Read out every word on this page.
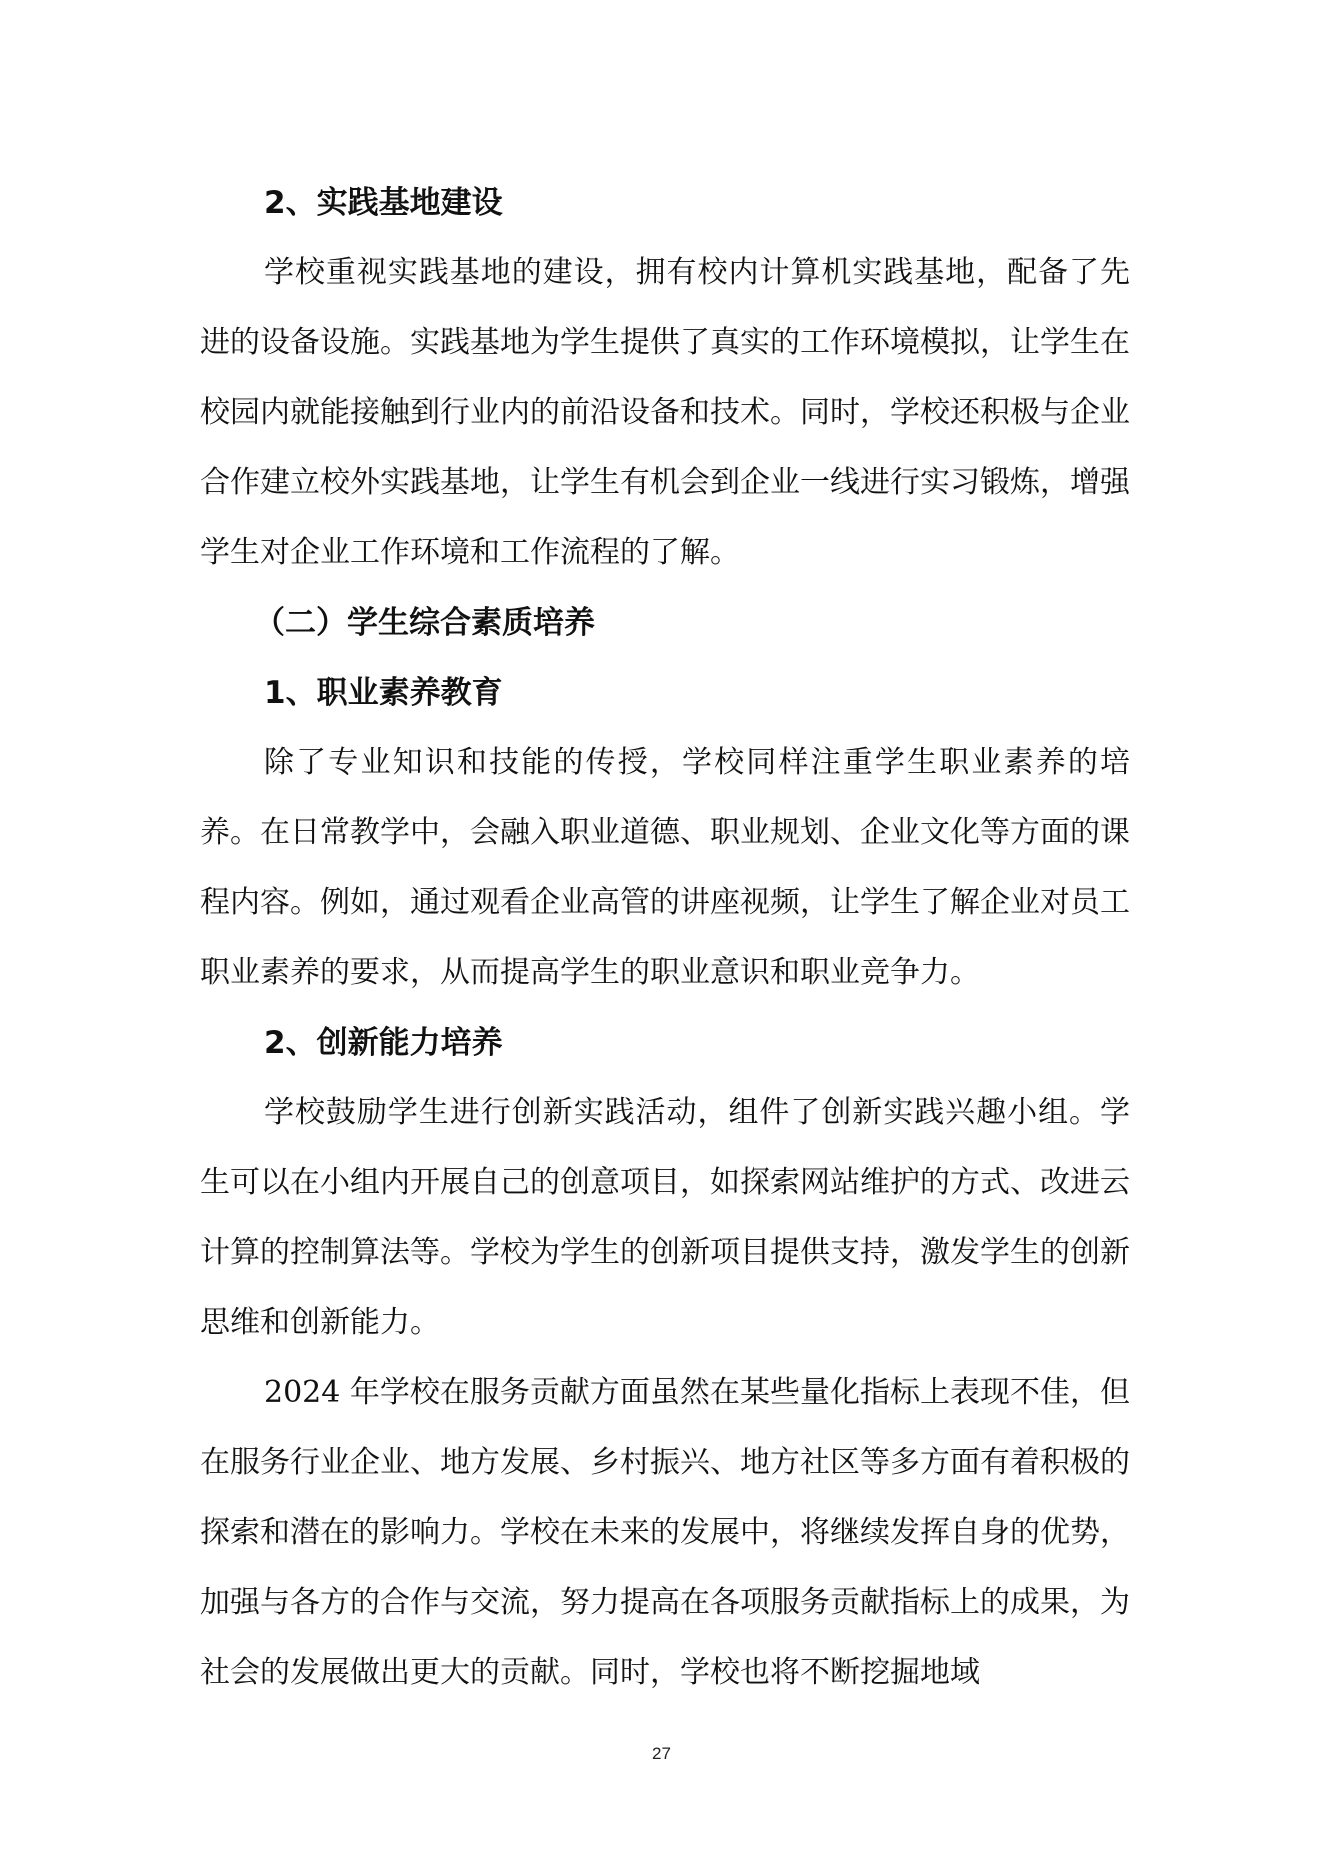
2、实践基地建设

学校重视实践基地的建设，拥有校内计算机实践基地，配备了先进的设备设施。实践基地为学生提供了真实的工作环境模拟，让学生在校园内就能接触到行业内的前沿设备和技术。同时，学校还积极与企业合作建立校外实践基地，让学生有机会到企业一线进行实习锻炼，增强学生对企业工作环境和工作流程的了解。

（二）学生综合素质培养
1、职业素养教育

除了专业知识和技能的传授，学校同样注重学生职业素养的培养。在日常教学中，会融入职业道德、职业规划、企业文化等方面的课程内容。例如，通过观看企业高管的讲座视频，让学生了解企业对员工职业素养的要求，从而提高学生的职业意识和职业竞争力。

2、创新能力培养

学校鼓励学生进行创新实践活动，组件了创新实践兴趣小组。学生可以在小组内开展自己的创意项目，如探索网站维护的方式、改进云计算的控制算法等。学校为学生的创新项目提供支持，激发学生的创新思维和创新能力。

2024 年学校在服务贡献方面虽然在某些量化指标上表现不佳，但在服务行业企业、地方发展、乡村振兴、地方社区等多方面有着积极的探索和潜在的影响力。学校在未来的发展中，将继续发挥自身的优势，加强与各方的合作与交流，努力提高在各项服务贡献指标上的成果，为社会的发展做出更大的贡献。同时，学校也将不断挖掘地域

27
